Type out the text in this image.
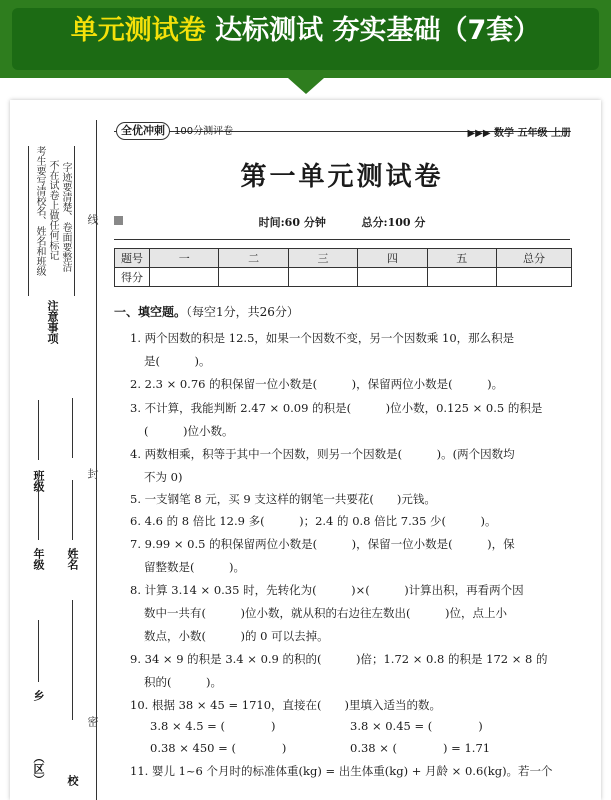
单元测试卷 达标测试 夯实基础（7套）
考生要写清校名、姓名和班级 不在试卷上做任何标记 字迹要清楚、卷面要整洁 线
注意事项
班级	封
年级 姓名
乡
密
（区） 校
全优冲刺 100分测评卷	▶▶▶ 数学 五年级 上册
第一单元测试卷
时间:60 分钟	总分:100 分
题号	一	二	三	四	五	总分
得分						
一、填空题。（每空1分，共26分）
1. 两个因数的积是 12.5，如果一个因数不变，另一个因数乘 10，那么积是
是(　　　)。
2. 2.3 × 0.76 的积保留一位小数是(　　　)，保留两位小数是(　　　)。
3. 不计算，我能判断 2.47 × 0.09 的积是(　　　)位小数，0.125 × 0.5 的积是
(　　　)位小数。
4. 两数相乘，积等于其中一个因数，则另一个因数是(　　　)。(两个因数均
不为 0)
5. 一支钢笔 8 元，买 9 支这样的钢笔一共要花(　　)元钱。
6. 4.6 的 8 倍比 12.9 多(　　　)；2.4 的 0.8 倍比 7.35 少(　　　)。
7. 9.99 × 0.5 的积保留两位小数是(　　　)，保留一位小数是(　　　)，保
留整数是(　　　)。
8. 计算 3.14 × 0.35 时，先转化为(　　　)×(　　　)计算出积，再看两个因
数中一共有(　　　)位小数，就从积的右边往左数出(　　　)位，点上小
数点，小数(　　　)的 0 可以去掉。
9. 34 × 9 的积是 3.4 × 0.9 的积的(　　　)倍；1.72 × 0.8 的积是 172 × 8 的
积的(　　　)。
10. 根据 38 × 45 = 1710，直接在(　　)里填入适当的数。
3.8 × 4.5 = (　　　　)	3.8 × 0.45 = (　　　　)
0.38 × 450 = (　　　　)	0.38 × (　　　　) = 1.71
11. 婴儿 1~6 个月时的标准体重(kg) = 出生体重(kg) + 月龄 × 0.6(kg)。若一个
